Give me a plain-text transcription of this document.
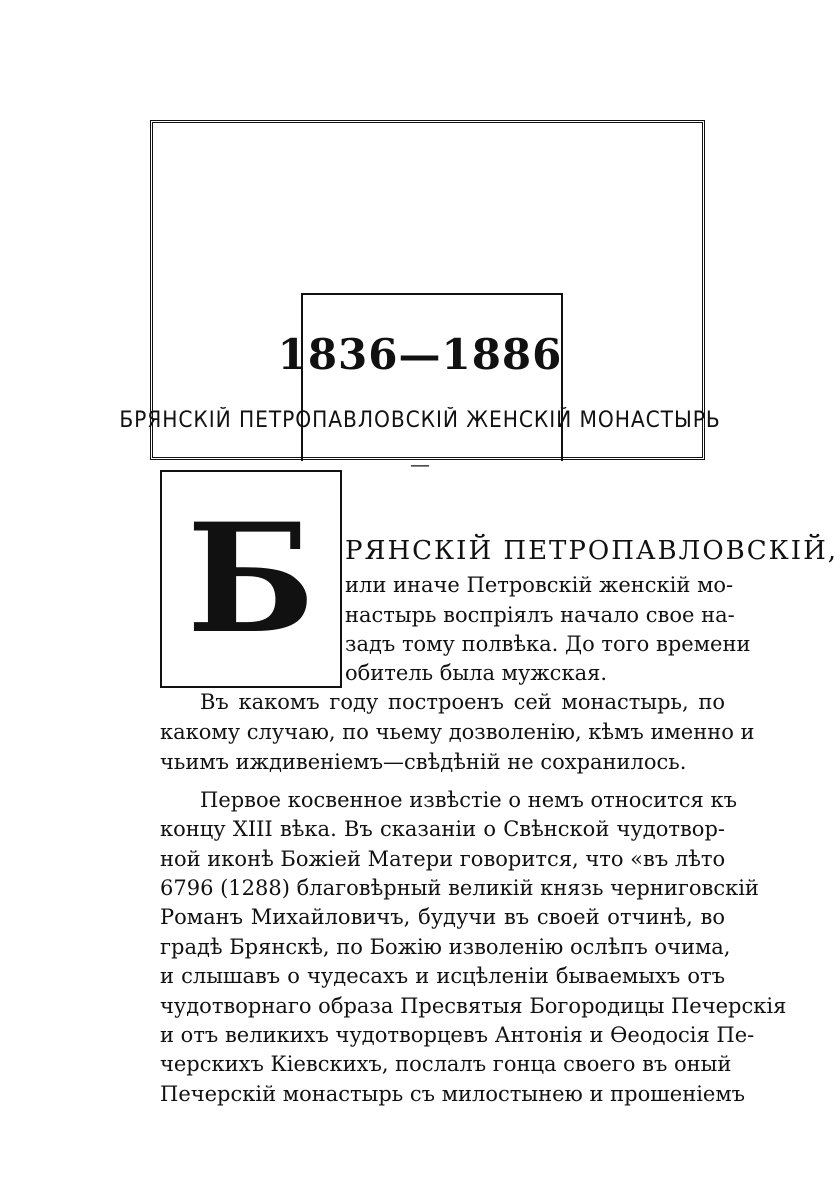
1836—1886
БРЯНСКІЙ ПЕТРОПАВЛОВСКІЙ ЖЕНСКІЙ МОНАСТЫРЬ
—
Б РЯНСКІЙ ПЕТРОПАВЛОВСКІЙ,
или иначе Петровскій женскій мо-
настырь воспріялъ начало свое на-
задъ тому полвѣка. До того времени
обитель была мужская.
Въ какомъ году построенъ сей монастырь, по
какому случаю, по чьему дозволенію, кѣмъ именно и
чьимъ иждивеніемъ—свѣдѣній не сохранилось.
Первое косвенное извѣстіе о немъ относится къ
концу XIII вѣка. Въ сказаніи о Свѣнской чудотвор-
ной иконѣ Божіей Матери говорится, что «въ лѣто
6796 (1288) благовѣрный великій князь черниговскій
Романъ Михайловичъ, будучи въ своей отчинѣ, во
градѣ Брянскѣ, по Божію изволенію ослѣпъ очима,
и слышавъ о чудесахъ и исцѣленіи бываемыхъ отъ
чудотворнаго образа Пресвятыя Богородицы Печерскія
и отъ великихъ чудотворцевъ Антонія и Ѳеодосія Пе-
черскихъ Кіевскихъ, послалъ гонца своего въ оный
Печерскій монастырь съ милостынею и прошеніемъ
